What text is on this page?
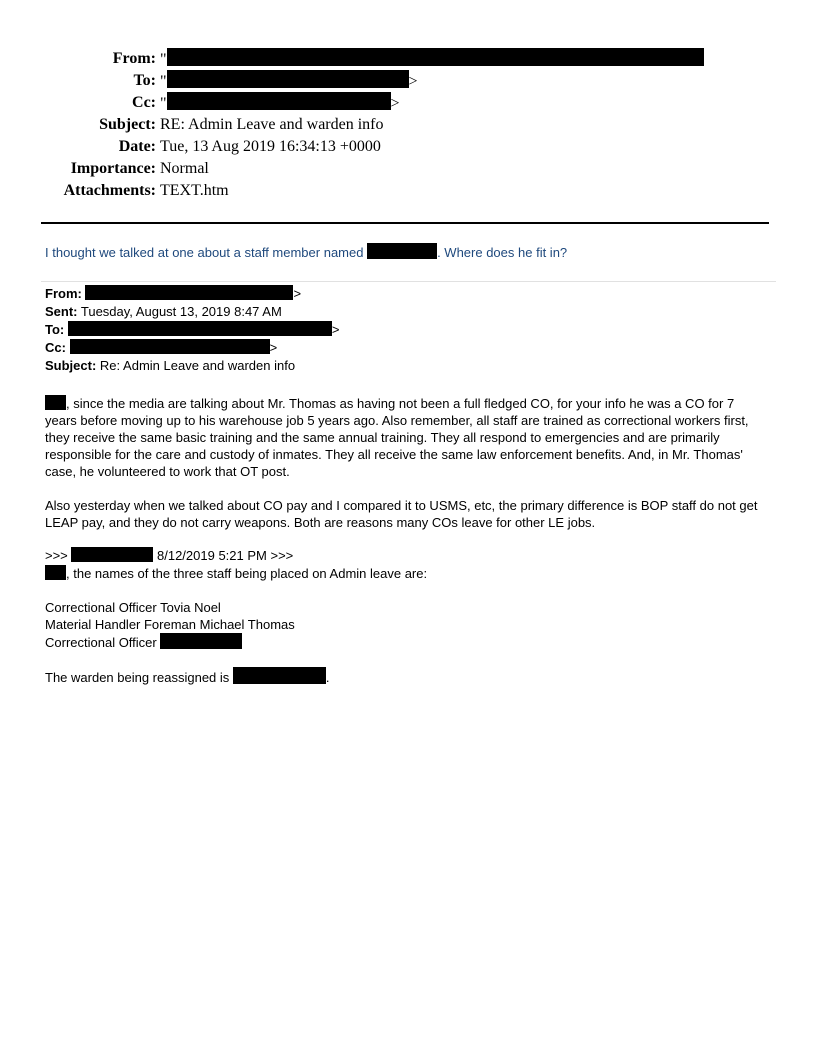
From: "
To: "	>
Cc: "	>
Subject: RE: Admin Leave and warden info
Date: Tue, 13 Aug 2019 16:34:13 +0000
Importance: Normal
Attachments: TEXT.htm
I thought we talked at one about a staff member named	. Where does he fit in?
From:	>
Sent: Tuesday, August 13, 2019 8:47 AM
To:	>
Cc:	>
Subject: Re: Admin Leave and warden info
, since the media are talking about Mr. Thomas as having not been a full fledged CO, for your info he was a CO for 7
years before moving up to his warehouse job 5 years ago. Also remember, all staff are trained as correctional workers first,
they receive the same basic training and the same annual training. They all respond to emergencies and are primarily
responsible for the care and custody of inmates. They all receive the same law enforcement benefits. And, in Mr. Thomas'
case, he volunteered to work that OT post.
Also yesterday when we talked about CO pay and I compared it to USMS, etc, the primary difference is BOP staff do not get
LEAP pay, and they do not carry weapons. Both are reasons many COs leave for other LE jobs.
>>>	8/12/2019 5:21 PM >>>
, the names of the three staff being placed on Admin leave are:
Correctional Officer Tovia Noel
Material Handler Foreman Michael Thomas
Correctional Officer
The warden being reassigned is	.
